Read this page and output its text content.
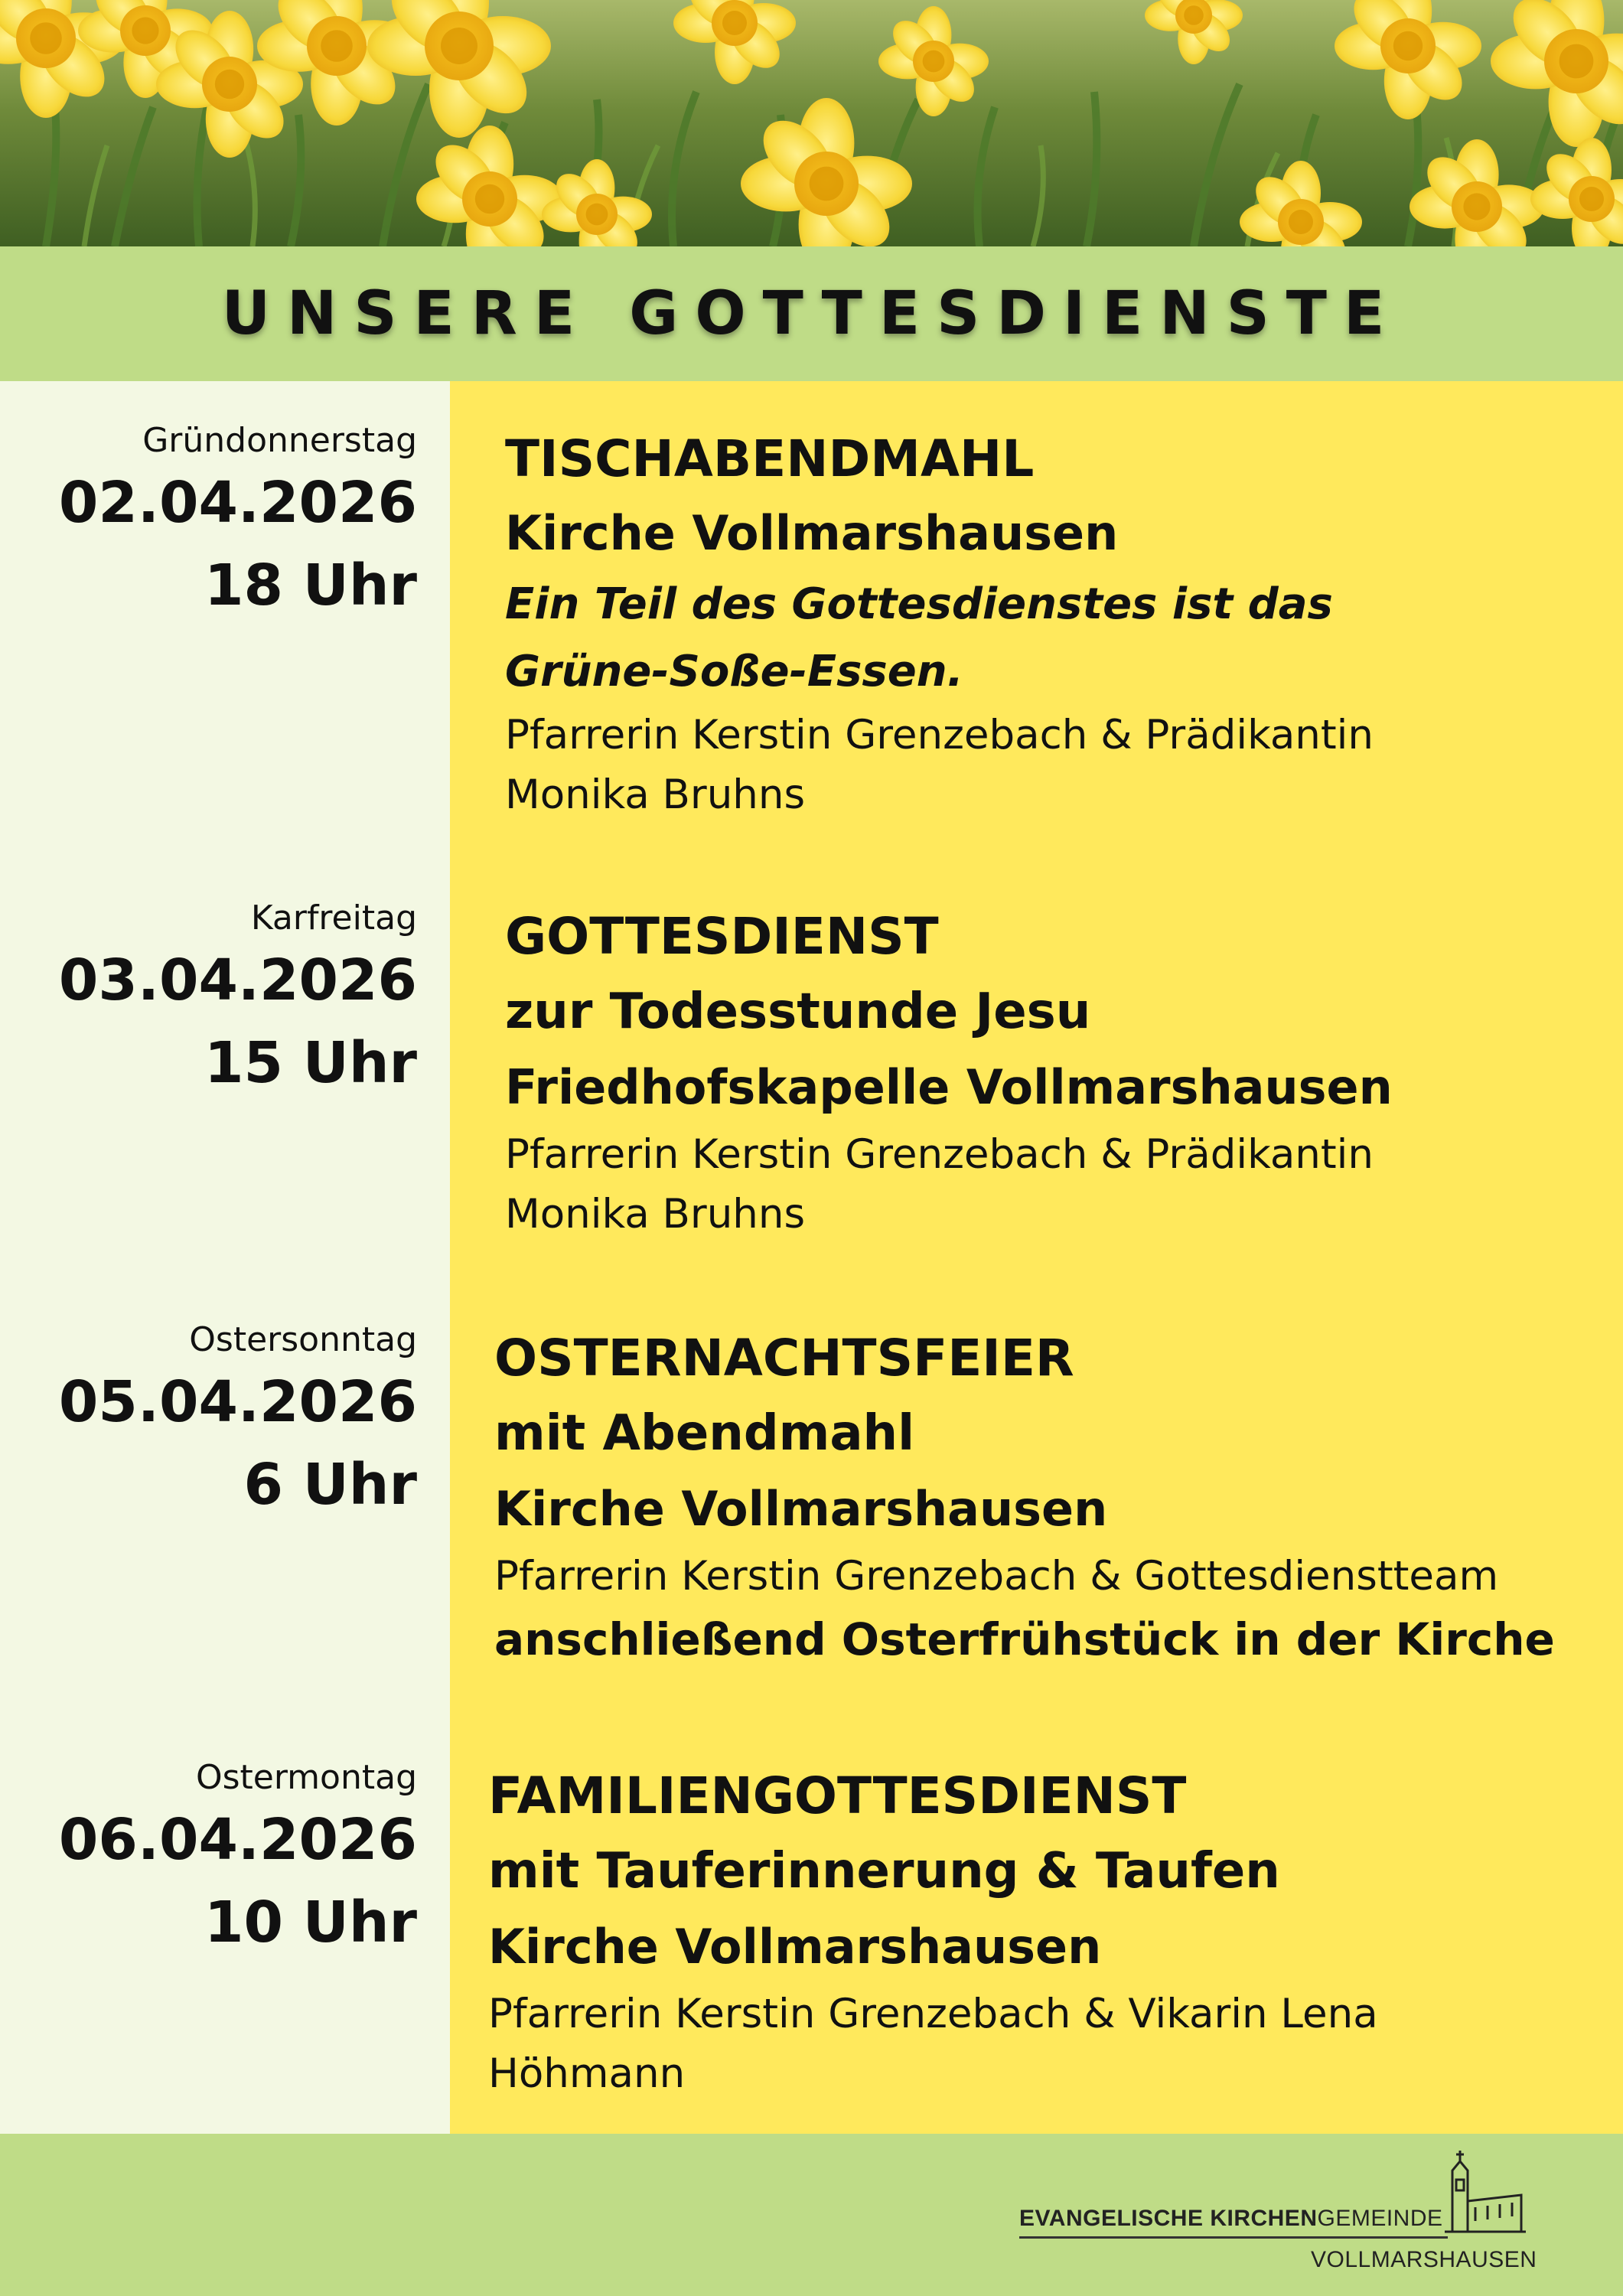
UNSERE GOTTESDIENSTE
Gründonnerstag
02.04.2026
18 Uhr
TISCHABENDMAHL
Kirche Vollmarshausen
Ein Teil des Gottesdienstes ist das
Grüne-Soße-Essen.
Pfarrerin Kerstin Grenzebach & Prädikantin
Monika Bruhns
Karfreitag
03.04.2026
15 Uhr
GOTTESDIENST
zur Todesstunde Jesu
Friedhofskapelle Vollmarshausen
Pfarrerin Kerstin Grenzebach & Prädikantin
Monika Bruhns
Ostersonntag
05.04.2026
6 Uhr
OSTERNACHTSFEIER
mit Abendmahl
Kirche Vollmarshausen
Pfarrerin Kerstin Grenzebach & Gottesdienstteam
anschließend Osterfrühstück in der Kirche
Ostermontag
06.04.2026
10 Uhr
FAMILIENGOTTESDIENST
mit Tauferinnerung & Taufen
Kirche Vollmarshausen
Pfarrerin Kerstin Grenzebach & Vikarin Lena
Höhmann
EVANGELISCHE KIRCHENGEMEINDE
VOLLMARSHAUSEN
